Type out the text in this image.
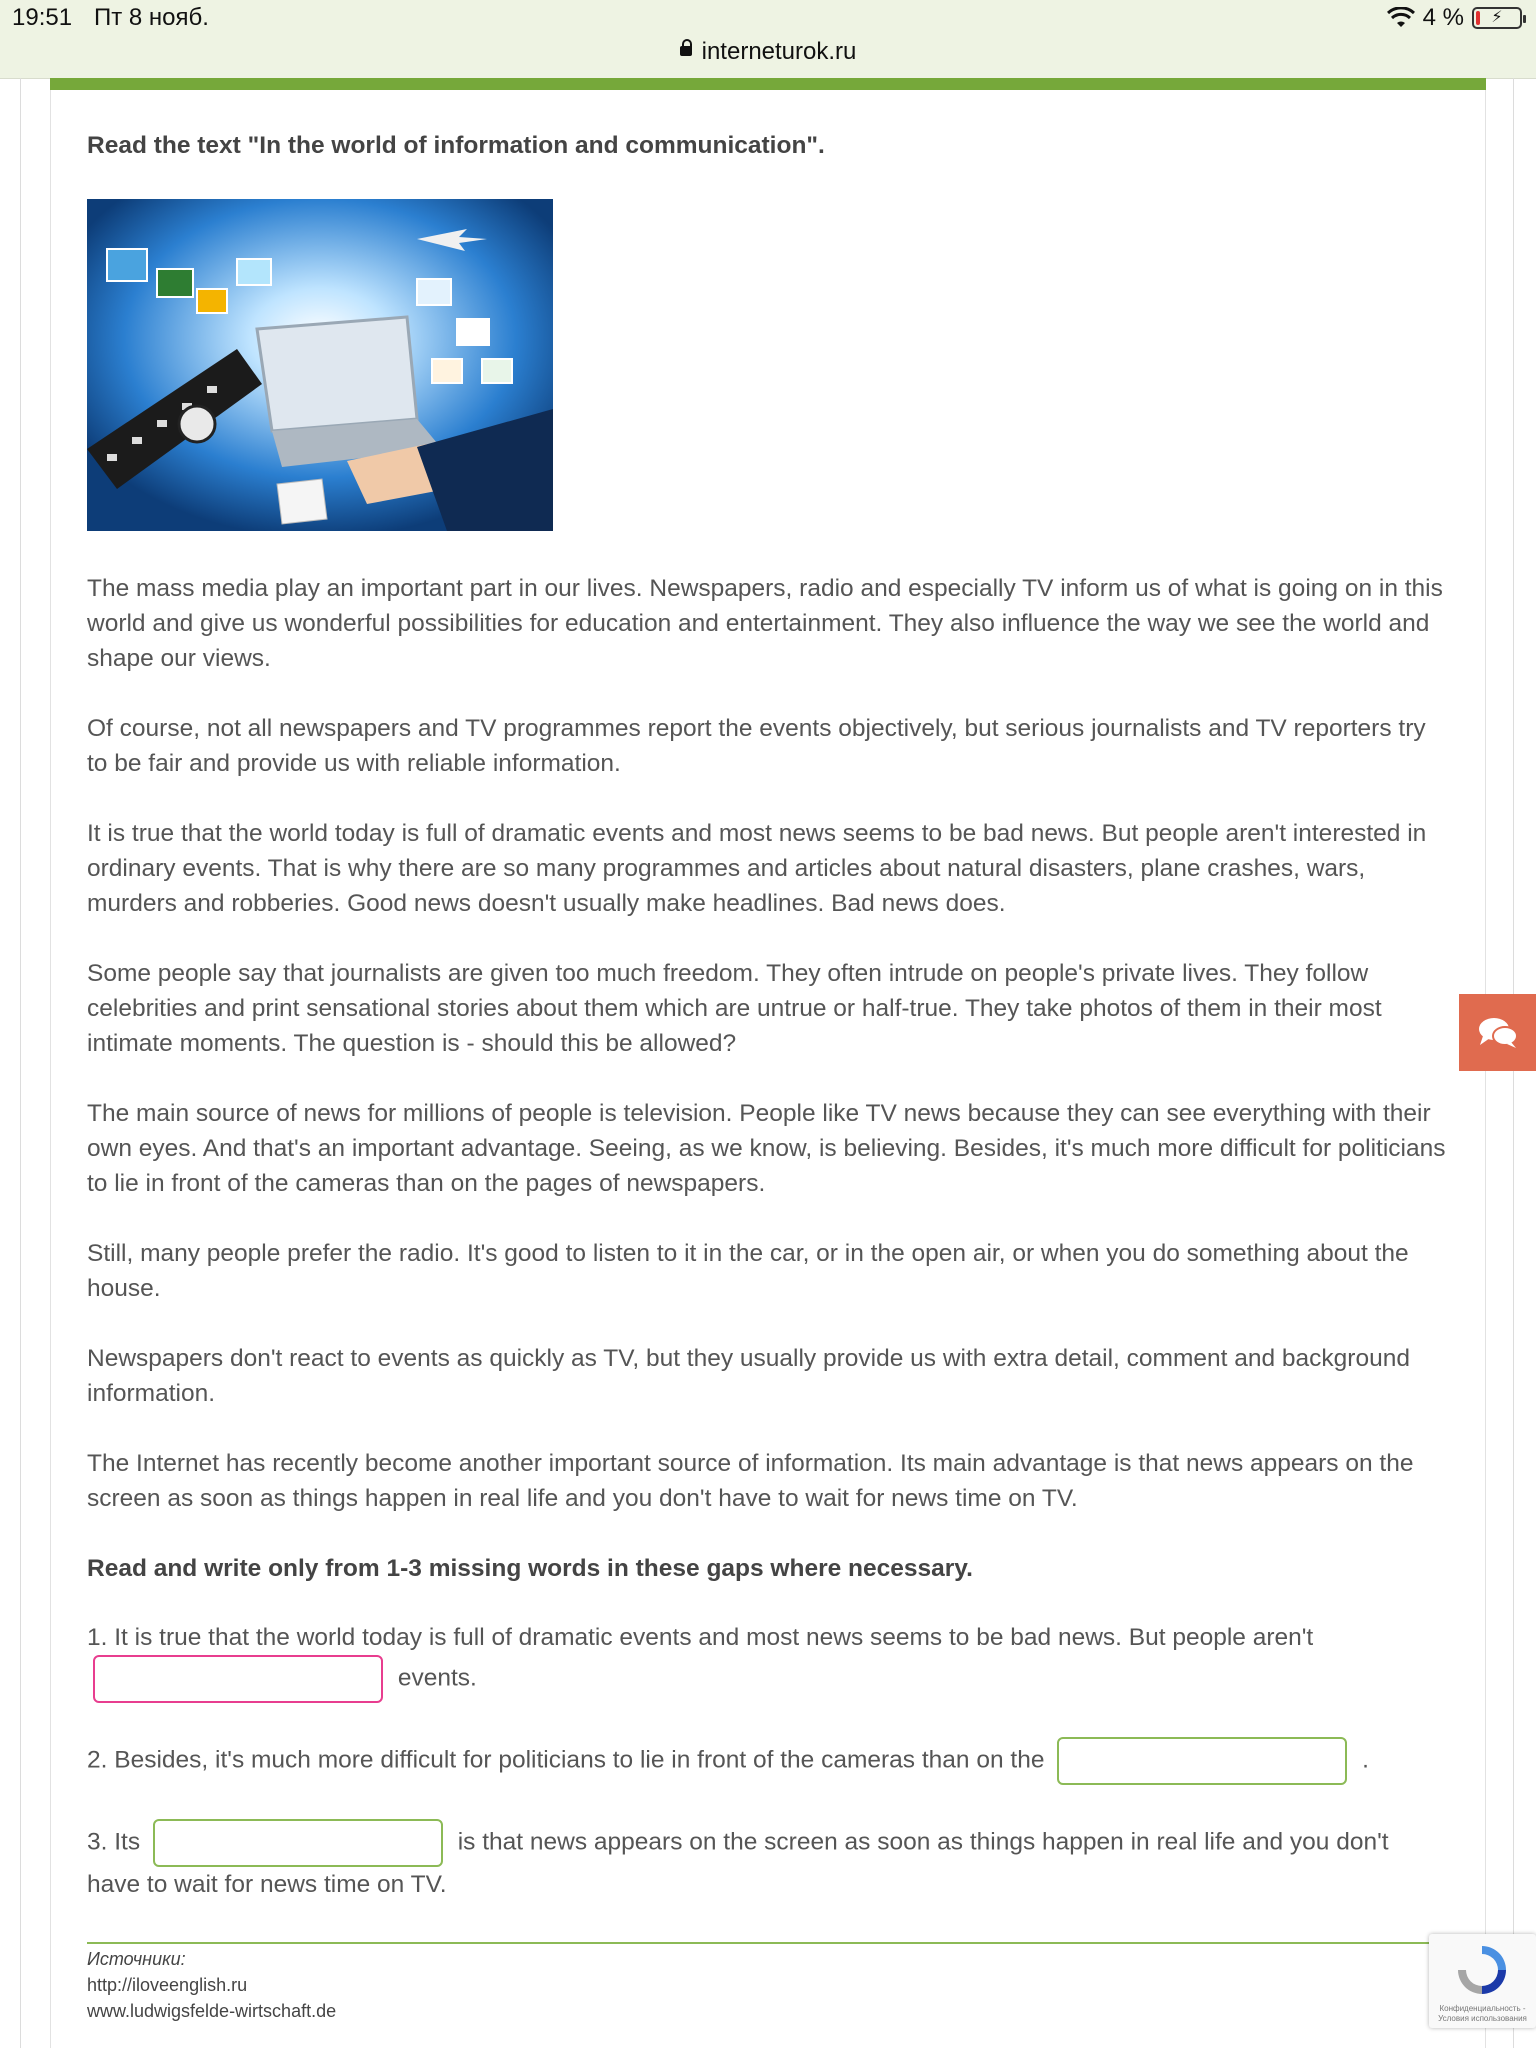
19:51 Пт 8 нояб.	4 %	⚡
interneturok.ru

Read the text "In the world of information and communication".

The mass media play an important part in our lives. Newspapers, radio and especially TV inform us of what is going on in this world and give us wonderful possibilities for education and entertainment. They also influence the way we see the world and shape our views.

Of course, not all newspapers and TV programmes report the events objectively, but serious journalists and TV reporters try to be fair and provide us with reliable information.

It is true that the world today is full of dramatic events and most news seems to be bad news. But people aren't interested in ordinary events. That is why there are so many programmes and articles about natural disasters, plane crashes, wars, murders and robberies. Good news doesn't usually make headlines. Bad news does.

Some people say that journalists are given too much freedom. They often intrude on people's private lives. They follow celebrities and print sensational stories about them which are untrue or half-true. They take photos of them in their most intimate moments. The question is - should this be allowed?

The main source of news for millions of people is television. People like TV news because they can see everything with their own eyes. And that's an important advantage. Seeing, as we know, is believing. Besides, it's much more difficult for politicians to lie in front of the cameras than on the pages of newspapers.

Still, many people prefer the radio. It's good to listen to it in the car, or in the open air, or when you do something about the house.

Newspapers don't react to events as quickly as TV, but they usually provide us with extra detail, comment and background information.

The Internet has recently become another important source of information. Its main advantage is that news appears on the screen as soon as things happen in real life and you don't have to wait for news time on TV.

Read and write only from 1-3 missing words in these gaps where necessary.

1. It is true that the world today is full of dramatic events and most news seems to be bad news. But people aren't
events.
2. Besides, it's much more difficult for politicians to lie in front of the cameras than on the	.
3. Its	is that news appears on the screen as soon as things happen in real life and you don't have to wait for news time on TV.
Источники:
http://iloveenglish.ru
www.ludwigsfelde-wirtschaft.de	Конфиденциальность - Условия использования
